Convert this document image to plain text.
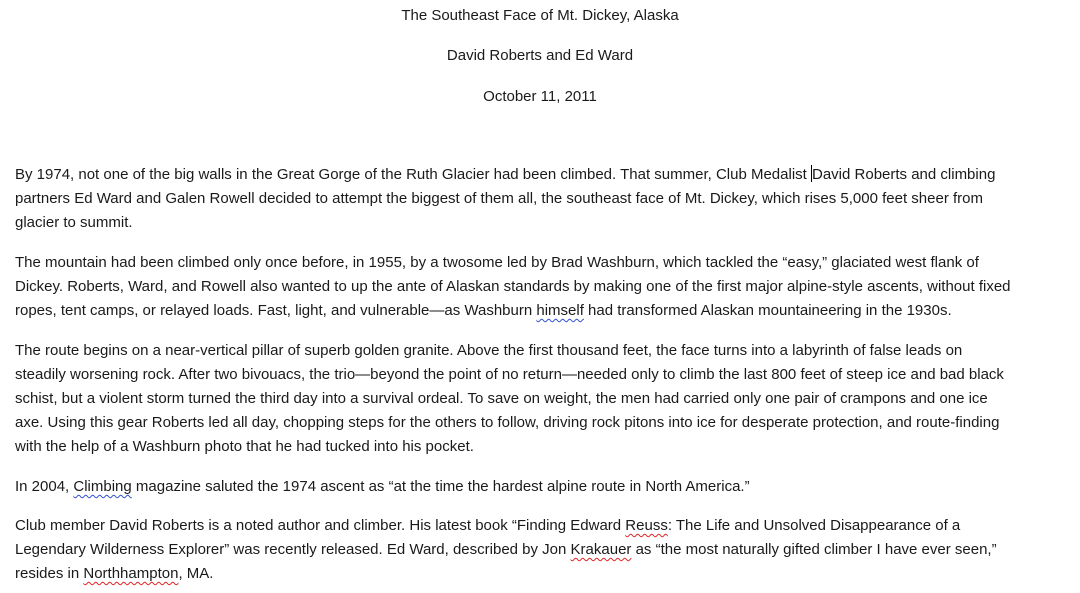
The Southeast Face of Mt. Dickey, Alaska
David Roberts and Ed Ward
October 11, 2011
By 1974, not one of the big walls in the Great Gorge of the Ruth Glacier had been climbed. That summer, Club Medalist David Roberts and climbing
partners Ed Ward and Galen Rowell decided to attempt the biggest of them all, the southeast face of Mt. Dickey, which rises 5,000 feet sheer from
glacier to summit.
The mountain had been climbed only once before, in 1955, by a twosome led by Brad Washburn, which tackled the “easy,” glaciated west flank of
Dickey. Roberts, Ward, and Rowell also wanted to up the ante of Alaskan standards by making one of the first major alpine-style ascents, without fixed
ropes, tent camps, or relayed loads. Fast, light, and vulnerable—as Washburn himself had transformed Alaskan mountaineering in the 1930s.
The route begins on a near-vertical pillar of superb golden granite. Above the first thousand feet, the face turns into a labyrinth of false leads on
steadily worsening rock. After two bivouacs, the trio—beyond the point of no return—needed only to climb the last 800 feet of steep ice and bad black
schist, but a violent storm turned the third day into a survival ordeal. To save on weight, the men had carried only one pair of crampons and one ice
axe. Using this gear Roberts led all day, chopping steps for the others to follow, driving rock pitons into ice for desperate protection, and route-finding
with the help of a Washburn photo that he had tucked into his pocket.
In 2004, Climbing magazine saluted the 1974 ascent as “at the time the hardest alpine route in North America.”
Club member David Roberts is a noted author and climber. His latest book “Finding Edward Reuss: The Life and Unsolved Disappearance of a
Legendary Wilderness Explorer” was recently released. Ed Ward, described by Jon Krakauer as “the most naturally gifted climber I have ever seen,”
resides in Northhampton, MA.
